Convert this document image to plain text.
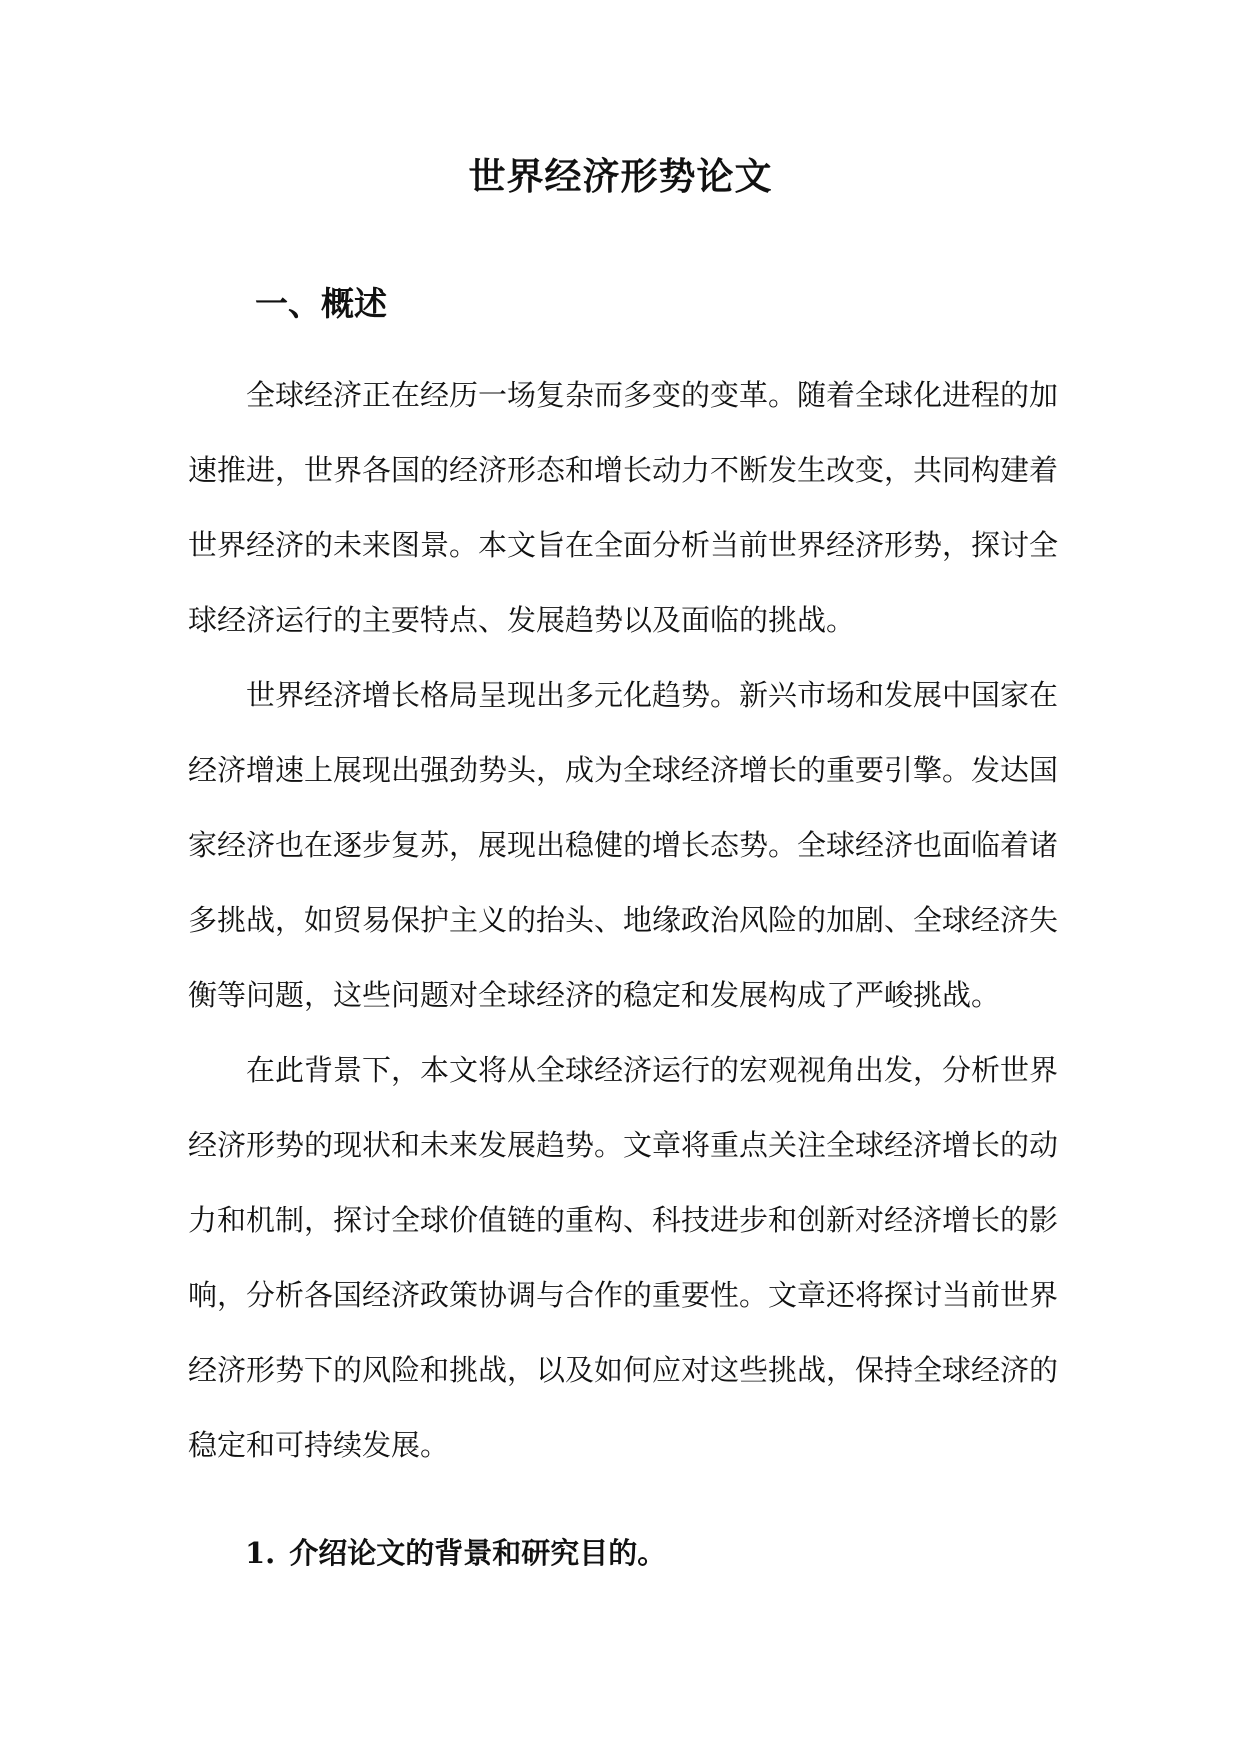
世界经济形势论文
一、概述

全球经济正在经历一场复杂而多变的变革。随着全球化进程的加速推进，世界各国的经济形态和增长动力不断发生改变，共同构建着世界经济的未来图景。本文旨在全面分析当前世界经济形势，探讨全球经济运行的主要特点、发展趋势以及面临的挑战。

世界经济增长格局呈现出多元化趋势。新兴市场和发展中国家在经济增速上展现出强劲势头，成为全球经济增长的重要引擎。发达国家经济也在逐步复苏，展现出稳健的增长态势。全球经济也面临着诸多挑战，如贸易保护主义的抬头、地缘政治风险的加剧、全球经济失衡等问题，这些问题对全球经济的稳定和发展构成了严峻挑战。

在此背景下，本文将从全球经济运行的宏观视角出发，分析世界经济形势的现状和未来发展趋势。文章将重点关注全球经济增长的动力和机制，探讨全球价值链的重构、科技进步和创新对经济增长的影响，分析各国经济政策协调与合作的重要性。文章还将探讨当前世界经济形势下的风险和挑战，以及如何应对这些挑战，保持全球经济的稳定和可持续发展。

1. 介绍论文的背景和研究目的。
